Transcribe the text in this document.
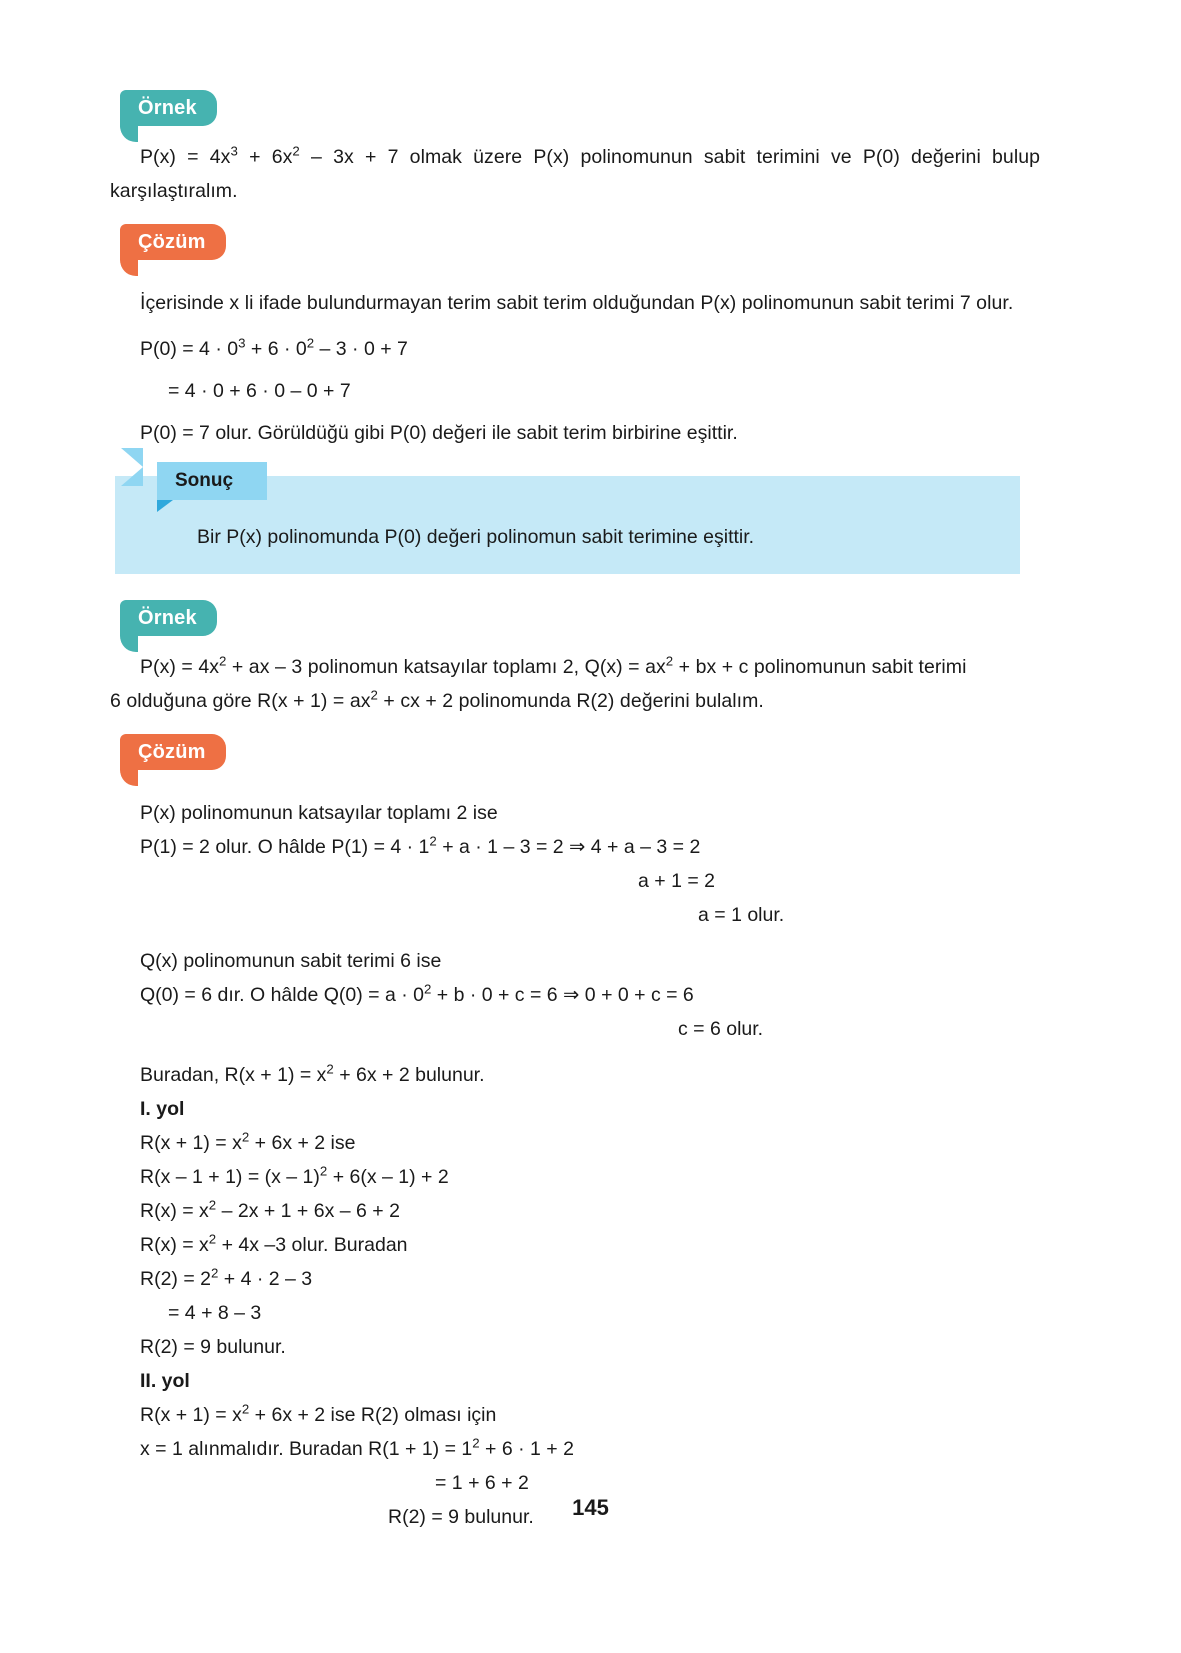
Örnek

$P(x) = 4x^3 + 6x^2 - 3x + 7$ olmak üzere P(x) polinomunun sabit terimini ve P(0) değerini bulup karşılaştıralım.

Çözüm

İçerisinde x li ifade bulundurmayan terim sabit terim olduğundan P(x) polinomunun sabit terimi 7 olur.

$P(0) = 4 \cdot 0^3 + 6 \cdot 0^2 - 3 \cdot 0 + 7$

= 4 · 0 + 6 · 0 – 0 + 7

P(0) = 7 olur. Görüldüğü gibi P(0) değeri ile sabit terim birbirine eşittir.

Sonuç

Bir P(x) polinomunda P(0) değeri polinomun sabit terimine eşittir.

Örnek

$P(x) = 4x^2$ + ax – 3 polinomun katsayılar toplamı 2, $Q(x) = ax^2$ + bx + c polinomunun sabit terimi

6 olduğuna göre $R(x + 1) = ax^2$ + cx + 2 polinomunda R(2) değerini bulalım.

Çözüm

P(x) polinomunun katsayılar toplamı 2 ise

P(1) = 2 olur. O hâlde $P(1) = 4 \cdot 1^2 + a \cdot 1 - 3 = 2$ ⇒ 4 + a – 3 = 2

a + 1 = 2

a = 1 olur.

Q(x) polinomunun sabit terimi 6 ise

Q(0) = 6 dır. O hâlde $Q(0) = a \cdot 0^2 + b \cdot 0 + c = 6$ ⇒ 0 + 0 + c = 6

c = 6 olur.

Buradan, $R(x + 1) = x^2 + 6x + 2$ bulunur.

I. yol

$R(x + 1) = x^2 + 6x + 2$ ise

R(x – 1 + 1) = (x – 1)$^2$ + 6(x – 1) + 2

$R(x) = x^2 - 2x + 1 + 6x - 6 + 2$

$R(x) = x^2 + 4x$ –3 olur. Buradan

$R(2) = 2^2 + 4 \cdot 2 - 3$

= 4 + 8 – 3

R(2) = 9 bulunur.

II. yol

$R(x + 1) = x^2 + 6x + 2$ ise R(2) olması için

x = 1 alınmalıdır. Buradan $R(1 + 1) = 1^2 + 6 \cdot 1 + 2$

= 1 + 6 + 2

R(2) = 9 bulunur.	145
